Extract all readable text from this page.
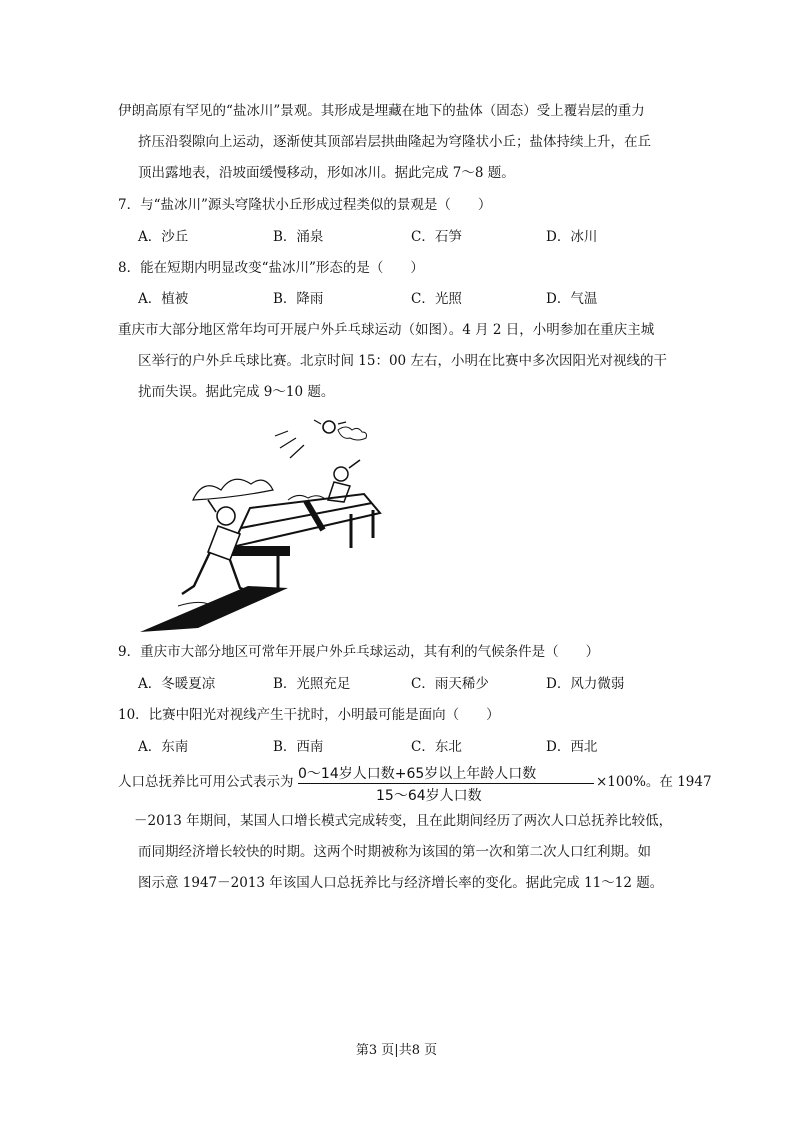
伊朗高原有罕见的“盐冰川”景观。其形成是埋藏在地下的盐体（固态）受上覆岩层的重力
挤压沿裂隙向上运动，逐渐使其顶部岩层拱曲隆起为穹隆状小丘；盐体持续上升，在丘
顶出露地表，沿坡面缓慢移动，形如冰川。据此完成 7～8 题。
7．与“盐冰川”源头穹隆状小丘形成过程类似的景观是（　　）
A．沙丘	B．涌泉	C．石笋	D．冰川
8．能在短期内明显改变“盐冰川”形态的是（　　）
A．植被	B．降雨	C．光照	D．气温
重庆市大部分地区常年均可开展户外乒乓球运动（如图）。4 月 2 日，小明参加在重庆主城
区举行的户外乒乓球比赛。北京时间 15：00 左右，小明在比赛中多次因阳光对视线的干
扰而失误。据此完成 9～10 题。
9．重庆市大部分地区可常年开展户外乒乓球运动，其有利的气候条件是（　　）
A．冬暖夏凉	B．光照充足	C．雨天稀少	D．风力微弱
10．比赛中阳光对视线产生干扰时，小明最可能是面向（　　）
A．东南	B．西南	C．东北	D．西北
人口总抚养比可用公式表示为 0～14岁人口数+65岁以上年龄人口数
15～64岁人口数
×100%。在 1947
－2013 年期间，某国人口增长模式完成转变，且在此期间经历了两次人口总抚养比较低，
而同期经济增长较快的时期。这两个时期被称为该国的第一次和第二次人口红利期。如
图示意 1947－2013 年该国人口总抚养比与经济增长率的变化。据此完成 11～12 题。
第3 页|共8 页
